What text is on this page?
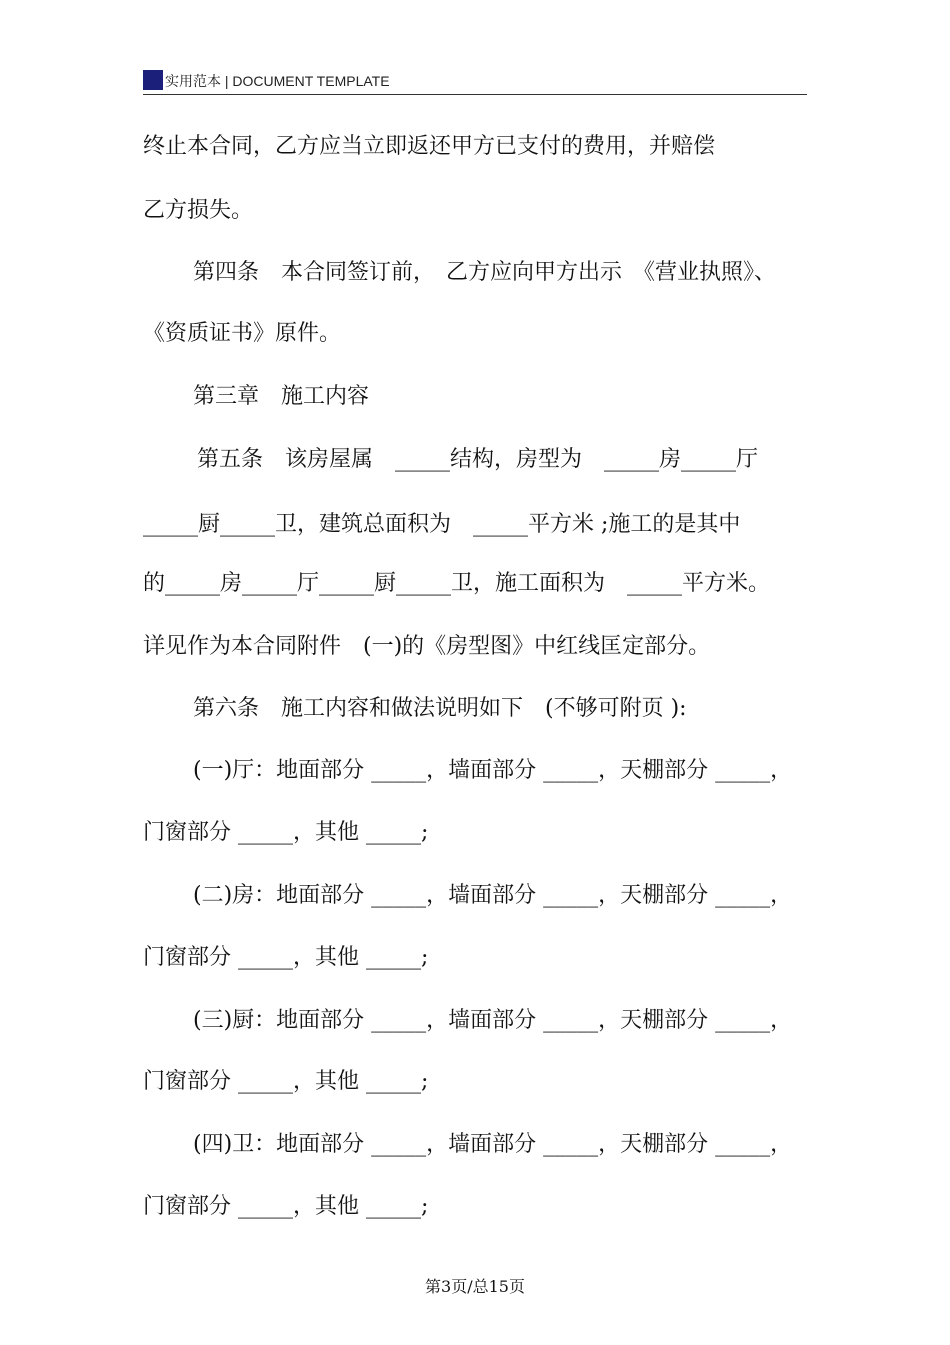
实用范本 | DOCUMENT TEMPLATE
终止本合同，乙方应当立即返还甲方已支付的费用，并赔偿
乙方损失。
第四条　本合同签订前，　乙方应向甲方出示　《营业执照》、
《资质证书》原件。
第三章　施工内容
第五条　该房屋属　_____结构，房型为　_____房_____厅
_____厨_____卫，建筑总面积为　_____平方米 ;施工的是其中
的_____房_____厅_____厨_____卫，施工面积为　_____平方米。
详见作为本合同附件　(一)的《房型图》中红线匡定部分。
第六条　施工内容和做法说明如下　(不够可附页 ):
(一)厅：地面部分 _____，墙面部分 _____，天棚部分 _____，
门窗部分 _____，其他 _____;
(二)房：地面部分 _____，墙面部分 _____，天棚部分 _____，
门窗部分 _____，其他 _____;
(三)厨：地面部分 _____，墙面部分 _____，天棚部分 _____，
门窗部分 _____，其他 _____;
(四)卫：地面部分 _____，墙面部分 _____，天棚部分 _____，
门窗部分 _____，其他 _____;
第3页/总15页
